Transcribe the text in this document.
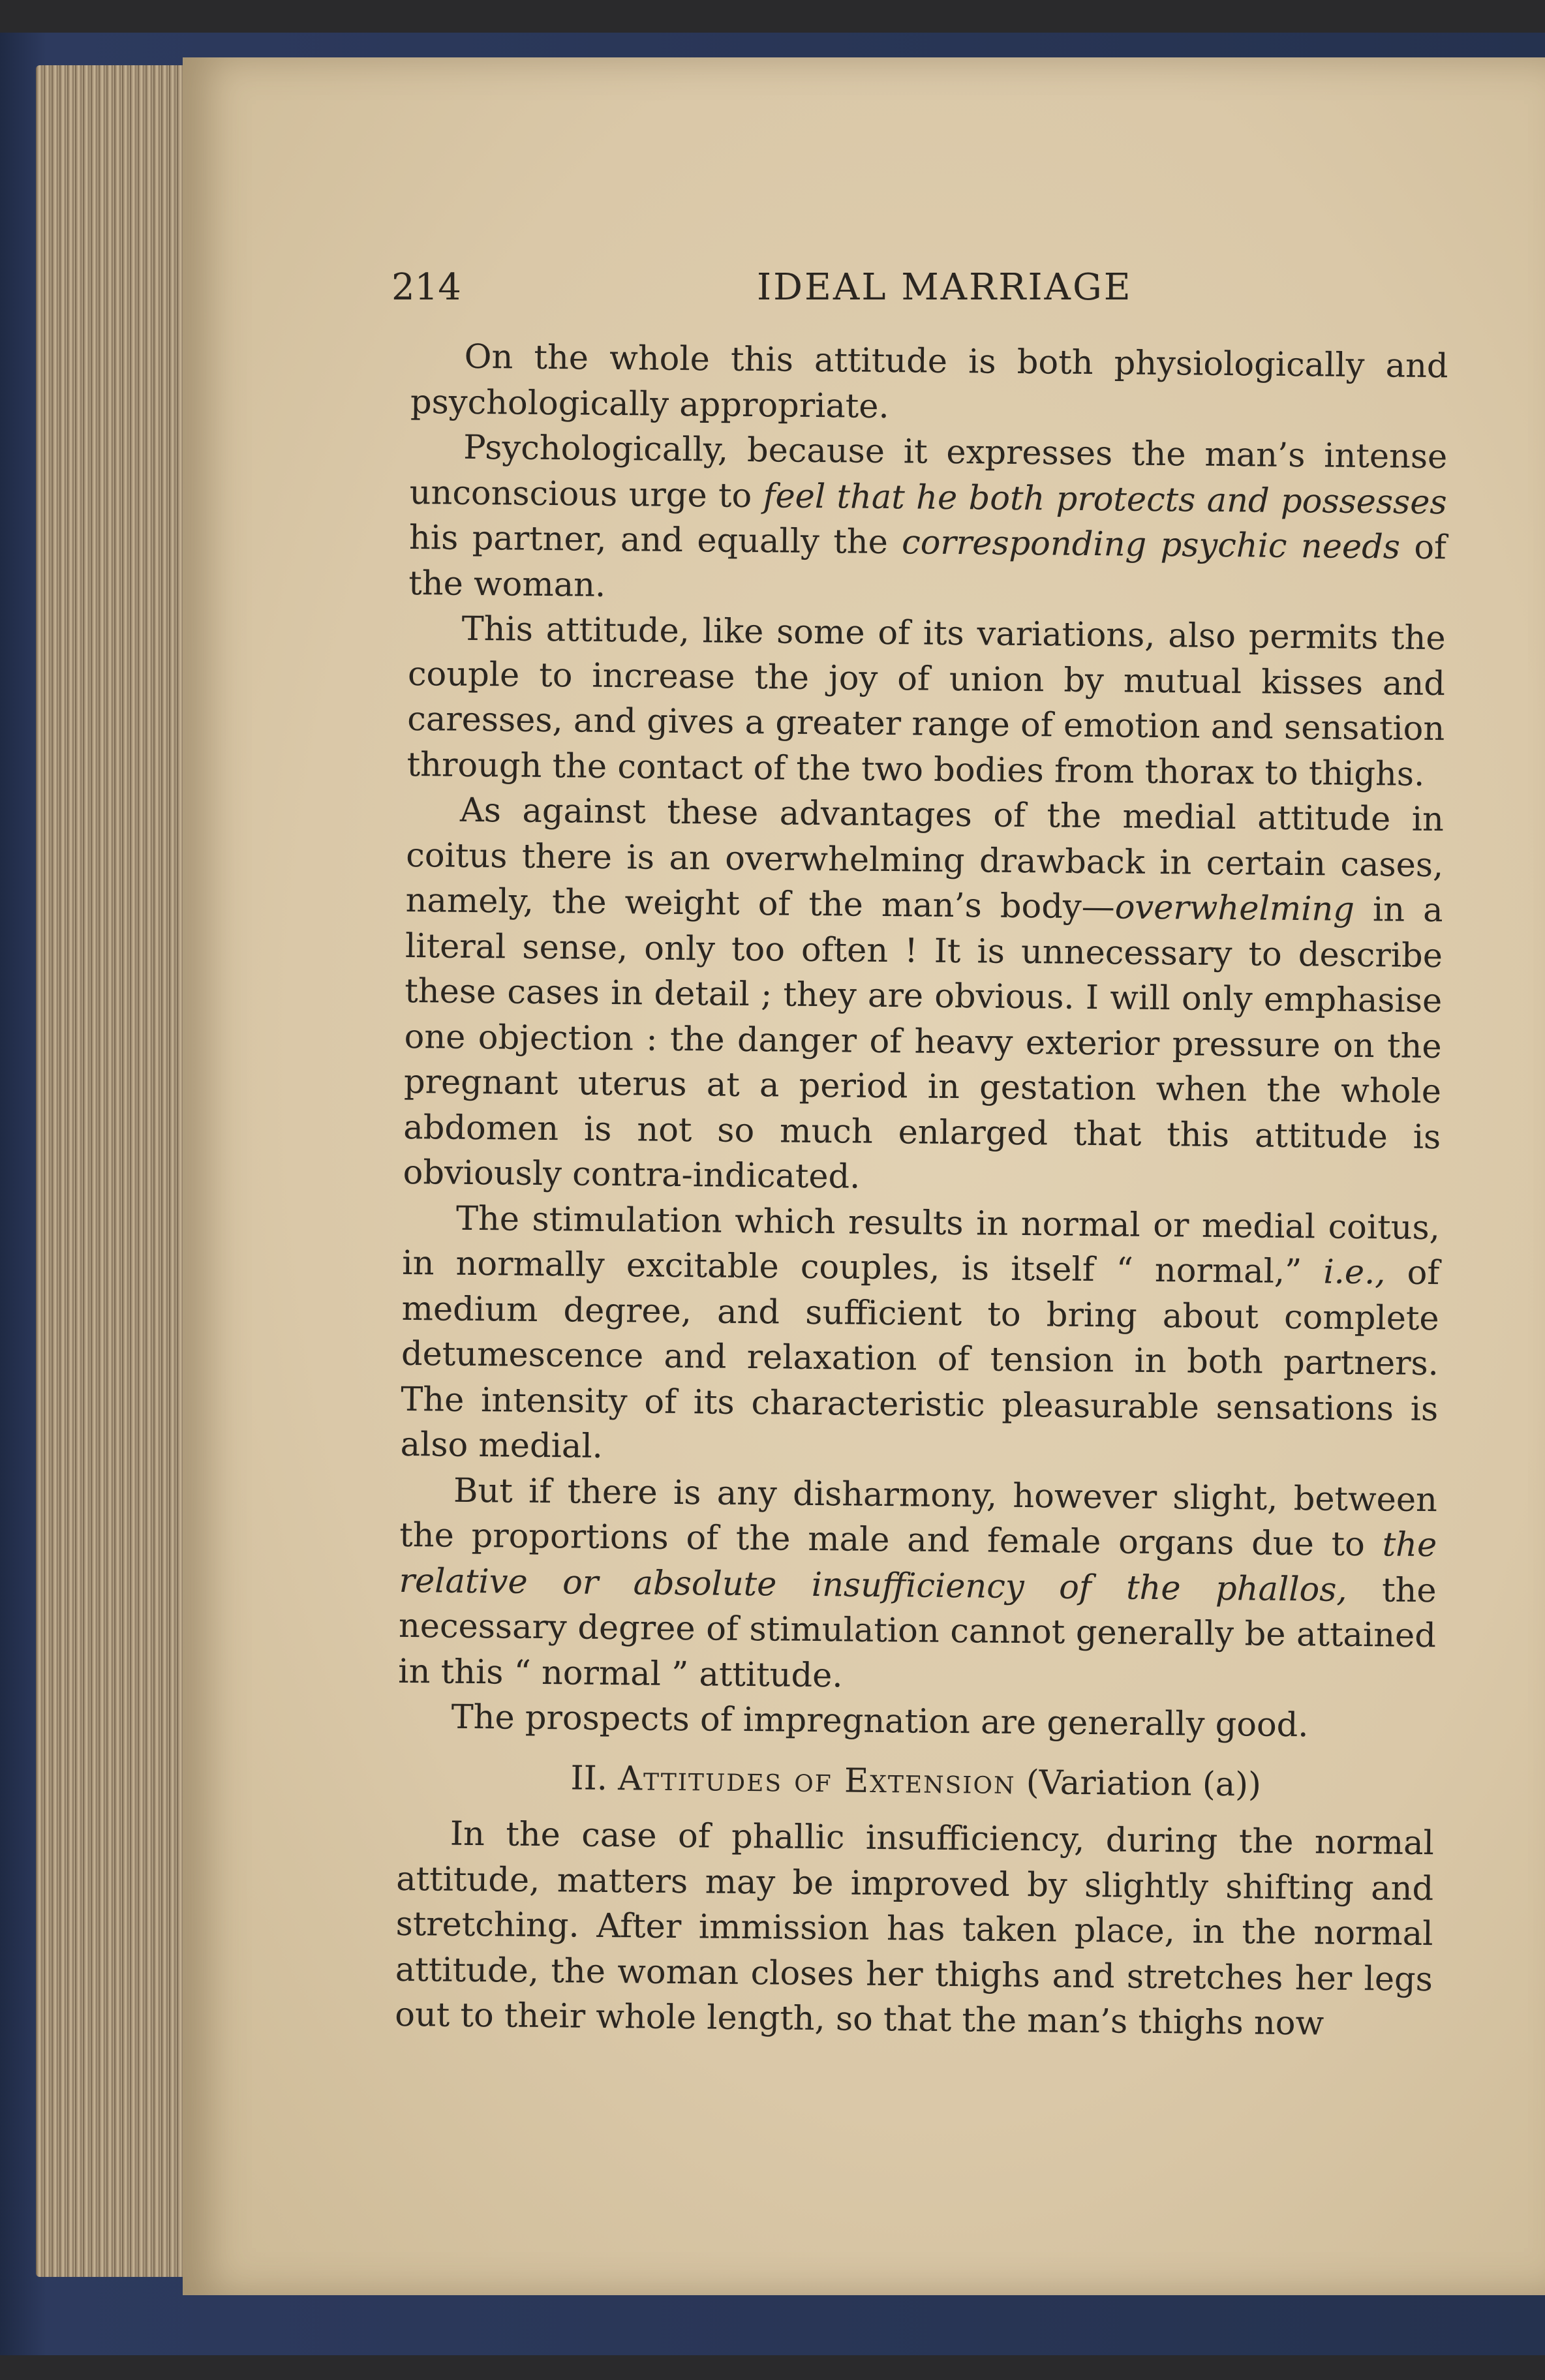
214	IDEAL MARRIAGE

On the whole this attitude is both physiologically and psychologically appropriate.

Psychologically, because it expresses the man’s intense unconscious urge to feel that he both protects and possesses his partner, and equally the corresponding psychic needs of the woman.

This attitude, like some of its variations, also permits the couple to increase the joy of union by mutual kisses and caresses, and gives a greater range of emotion and sensation through the contact of the two bodies from thorax to thighs.

As against these advantages of the medial attitude in coitus there is an overwhelming drawback in certain cases, namely, the weight of the man’s body—overwhelming in a literal sense, only too often ! It is unnecessary to describe these cases in detail ; they are obvious. I will only emphasise one objection : the danger of heavy exterior pressure on the pregnant uterus at a period in gestation when the whole abdomen is not so much enlarged that this attitude is obviously contra-indicated.

The stimulation which results in normal or medial coitus, in normally excitable couples, is itself “ normal,” i.e., of medium degree, and sufficient to bring about complete detumescence and relaxation of tension in both partners. The intensity of its characteristic pleasurable sensations is also medial.

But if there is any disharmony, however slight, between the proportions of the male and female organs due to the relative or absolute insufficiency of the phallos, the necessary degree of stimulation cannot generally be attained in this “ normal ” attitude.

The prospects of impregnation are generally good.

II. Attitudes of Extension (Variation (a))

In the case of phallic insufficiency, during the normal attitude, matters may be improved by slightly shifting and stretching. After immission has taken place, in the normal attitude, the woman closes her thighs and stretches her legs out to their whole length, so that the man’s thighs now
